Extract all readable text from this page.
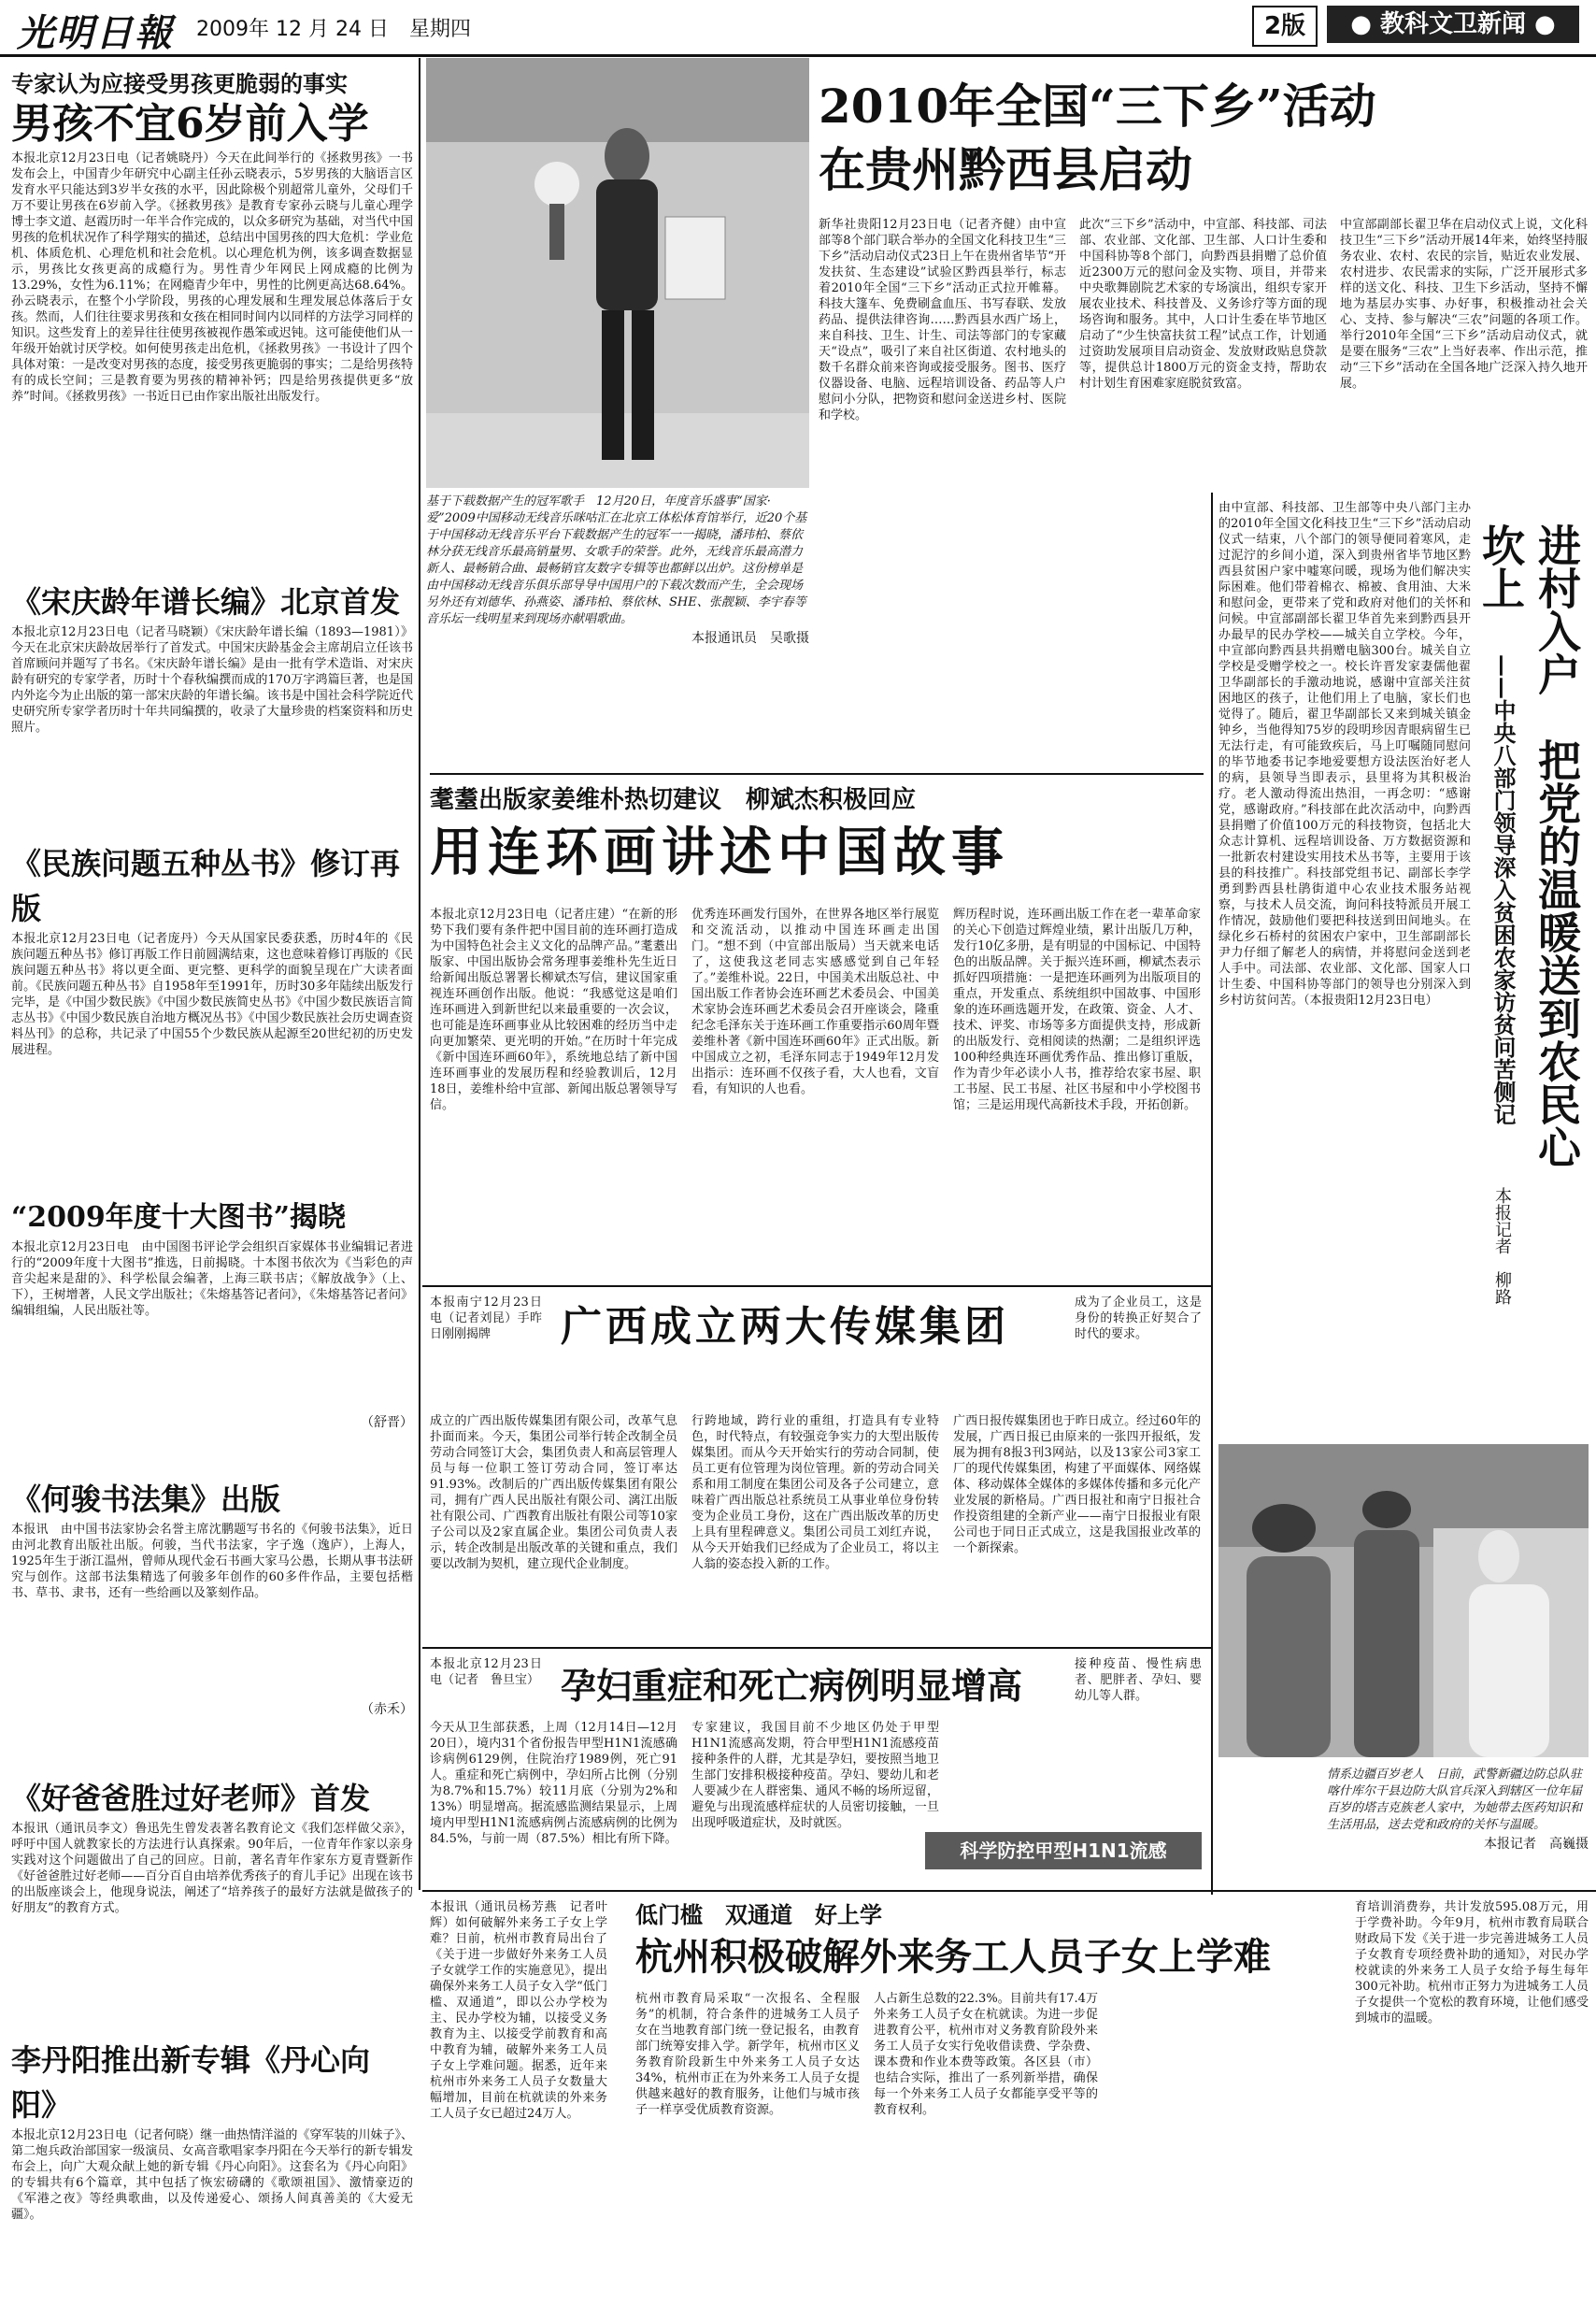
光明日報 2009年 12 月 24 日　星期四	2版	● 教科文卫新闻 ●
专家认为应接受男孩更脆弱的事实
男孩不宜6岁前入学
本报北京12月23日电（记者姚晓丹）今天在此间举行的《拯救男孩》一书发布会上，中国青少年研究中心副主任孙云晓表示，5岁男孩的大脑语言区发育水平只能达到3岁半女孩的水平，因此除极个别超常儿童外，父母们千万不要让男孩在6岁前入学。《拯救男孩》是教育专家孙云晓与儿童心理学博士李文道、赵霞历时一年半合作完成的，以众多研究为基础，对当代中国男孩的危机状况作了科学翔实的描述，总结出中国男孩的四大危机：学业危机、体质危机、心理危机和社会危机。以心理危机为例，该多调查数据显示，男孩比女孩更高的成瘾行为。男性青少年网民上网成瘾的比例为13.29%，女性为6.11%；在网瘾青少年中，男性的比例更高达68.64%。孙云晓表示，在整个小学阶段，男孩的心理发展和生理发展总体落后于女孩。然而，人们往往要求男孩和女孩在相同时间内以同样的方法学习同样的知识。这些发育上的差异往往使男孩被视作愚笨或迟钝。这可能使他们从一年级开始就讨厌学校。如何使男孩走出危机，《拯救男孩》一书设计了四个具体对策：一是改变对男孩的态度，接受男孩更脆弱的事实；二是给男孩特有的成长空间；三是教育要为男孩的精神补钙；四是给男孩提供更多“放养”时间。《拯救男孩》一书近日已由作家出版社出版发行。
《宋庆龄年谱长编》北京首发
本报北京12月23日电（记者马晓颖）《宋庆龄年谱长编（1893—1981）》今天在北京宋庆龄故居举行了首发式。中国宋庆龄基金会主席胡启立任该书首席顾问并题写了书名。《宋庆龄年谱长编》是由一批有学术造诣、对宋庆龄有研究的专家学者，历时十个春秋编撰而成的170万字鸿篇巨著，也是国内外迄今为止出版的第一部宋庆龄的年谱长编。该书是中国社会科学院近代史研究所专家学者历时十年共同编撰的，收录了大量珍贵的档案资料和历史照片。
《民族问题五种丛书》修订再版
本报北京12月23日电（记者庞丹）今天从国家民委获悉，历时4年的《民族问题五种丛书》修订再版工作日前圆满结束，这也意味着修订再版的《民族问题五种丛书》将以更全面、更完整、更科学的面貌呈现在广大读者面前。《民族问题五种丛书》自1958年至1991年，历时30多年陆续出版发行完毕，是《中国少数民族》《中国少数民族简史丛书》《中国少数民族语言简志丛书》《中国少数民族自治地方概况丛书》《中国少数民族社会历史调查资料丛刊》的总称，共记录了中国55个少数民族从起源至20世纪初的历史发展进程。
“2009年度十大图书”揭晓
本报北京12月23日电　由中国图书评论学会组织百家媒体书业编辑记者进行的“2009年度十大图书”推选，日前揭晓。十本图书依次为《当彩色的声音尖起来是甜的》、科学松鼠会编著，上海三联书店；《解放战争》（上、下），王树增著，人民文学出版社；《朱熔基答记者问》，《朱熔基答记者问》编辑组编，人民出版社等。
（舒晋）
《何骏书法集》出版
本报讯　由中国书法家协会名誉主席沈鹏题写书名的《何骏书法集》，近日由河北教育出版社出版。何骏，当代书法家，字子逸（逸庐），上海人，1925年生于浙江温州，曾师从现代金石书画大家马公愚，长期从事书法研究与创作。这部书法集精选了何骏多年创作的60多件作品，主要包括楷书、草书、隶书，还有一些给画以及篆刻作品。
（赤禾）
《好爸爸胜过好老师》首发
本报讯（通讯员李文）鲁迅先生曾发表著名教育论文《我们怎样做父亲》，呼吁中国人就教家长的方法进行认真探索。90年后，一位青年作家以亲身实践对这个问题做出了自己的回应。日前，著名青年作家东方夏青暨新作《好爸爸胜过好老师——百分百自由培养优秀孩子的育儿手记》出现在该书的出版座谈会上，他现身说法，阐述了“培养孩子的最好方法就是做孩子的好朋友”的教育方式。
李丹阳推出新专辑《丹心向阳》
本报北京12月23日电（记者何晓）继一曲热情洋溢的《穿军装的川妹子》、第二炮兵政治部国家一级演员、女高音歌唱家李丹阳在今天举行的新专辑发布会上，向广大观众献上她的新专辑《丹心向阳》。这套名为《丹心向阳》的专辑共有6个篇章，其中包括了恢宏磅礴的《歌颂祖国》、激情豪迈的《军港之夜》等经典歌曲，以及传递爱心、颂扬人间真善美的《大爱无疆》。
基于下载数据产生的冠军歌手　12月20日，年度音乐盛事“国家·爱”2009中国移动无线音乐咪咕汇在北京工体松体育馆举行，近20个基于中国移动无线音乐平台下载数据产生的冠军一一揭晓，潘玮柏、蔡依林分获无线音乐最高销量男、女歌手的荣誉。此外，无线音乐最高潜力新人、最畅销合曲、最畅销官友数字专辑等也都鲜以出炉。这份榜单是由中国移动无线音乐俱乐部导导中国用户的下载次数而产生，全会现场另外还有刘德华、孙燕姿、潘玮柏、蔡依林、SHE、张靓颖、李宇春等音乐坛一线明星来到现场亦献唱歌曲。
本报通讯员　吴歌摄
2010年全国“三下乡”活动
在贵州黔西县启动
新华社贵阳12月23日电（记者齐健）由中宣部等8个部门联合举办的全国文化科技卫生“三下乡”活动启动仪式23日上午在贵州省毕节“开发扶贫、生态建设”试验区黔西县举行，标志着2010年全国“三下乡”活动正式拉开帷幕。科技大篷车、免费刷盒血压、书写春联、发放药品、提供法律咨询……黔西县水西广场上，来自科技、卫生、计生、司法等部门的专家藏天“设点”，吸引了来自社区街道、农村地头的数千名群众前来咨询或接受服务。图书、医疗仪器设备、电脑、远程培训设备、药品等人户慰问小分队，把物资和慰问金送进乡村、医院和学校。
此次“三下乡”活动中，中宣部、科技部、司法部、农业部、文化部、卫生部、人口计生委和中国科协等8个部门，向黔西县捐赠了总价值近2300万元的慰问金及实物、项目，并带来中央歌舞剧院艺术家的专场演出，组织专家开展农业技术、科技普及、义务诊疗等方面的现场咨询和服务。其中，人口计生委在毕节地区启动了“少生快富扶贫工程”试点工作，计划通过资助发展项目启动资金、发放财政贴息贷款等，提供总计1800万元的资金支持，帮助农村计划生育困难家庭脱贫致富。
中宣部副部长翟卫华在启动仪式上说，文化科技卫生“三下乡”活动开展14年来，始终坚持服务农业、农村、农民的宗旨，贴近农业发展、农村进步、农民需求的实际，广泛开展形式多样的送文化、科技、卫生下乡活动，坚持不懈地为基层办实事、办好事，积极推动社会关心、支持、参与解决“三农”问题的各项工作。举行2010年全国“三下乡”活动启动仪式，就是要在服务“三农”上当好表率、作出示范，推动“三下乡”活动在全国各地广泛深入持久地开展。
由中宣部、科技部、卫生部等中央八部门主办的2010年全国文化科技卫生“三下乡”活动启动仪式一结束，八个部门的领导便同着寒风，走过泥泞的乡间小道，深入到贵州省毕节地区黔西县贫困户家中嘘寒问暖，现场为他们解决实际困难。他们带着棉衣、棉被、食用油、大米和慰问金，更带来了党和政府对他们的关怀和问候。中宣部副部长翟卫华首先来到黔西县开办最早的民办学校——城关自立学校。今年，中宣部向黔西县共捐赠电脑300台。城关自立学校是受赠学校之一。校长许晋发家妻儒他翟卫华副部长的手激动地说，感谢中宣部关注贫困地区的孩子，让他们用上了电脑，家长们也觉得了。随后，翟卫华副部长又来到城关镇金钟乡，当他得知75岁的段明珍因青眼病留生已无法行走，有可能致疾后，马上叮嘱随同慰问的毕节地委书记李地爱要想方设法医治好老人的病，县领导当即表示，县里将为其积极治疗。老人激动得流出热泪，一再念叨：“感谢党，感谢政府。”科技部在此次活动中，向黔西县捐赠了价值100万元的科技物资，包括北大众志计算机、远程培训设备、万方数据资源和一批新农村建设实用技术丛书等，主要用于该县的科技推广。科技部党组书记、副部长李学勇到黔西县杜鹃街道中心农业技术服务站视察，与技术人员交流，询问科技特派员开展工作情况，鼓励他们要把科技送到田间地头。在绿化乡石桥村的贫困农户家中，卫生部副部长尹力仔细了解老人的病情，并将慰问金送到老人手中。司法部、农业部、文化部、国家人口计生委、中国科协等部门的领导也分别深入到乡村访贫问苦。（本报贵阳12月23日电）	进村入户　把党的温暖送到农民心坎上
——中央八部门领导深入贫困农家访贫问苦侧记
本报记者　柳路
耄耋出版家姜维朴热切建议　柳斌杰积极回应
用连环画讲述中国故事
本报北京12月23日电（记者庄建）“在新的形势下我们要有条件把中国目前的连环画打造成为中国特色社会主义文化的品牌产品。”耄耋出版家、中国出版协会常务理事姜维朴先生近日给新闻出版总署署长柳斌杰写信，建议国家重视连环画创作出版。他说：“我感觉这是咱们连环画进入到新世纪以来最重要的一次会议，也可能是连环画事业从比较困难的经历当中走向更加繁荣、更光明的开始。”在历时十年完成《新中国连环画60年》，系统地总结了新中国连环画事业的发展历程和经验教训后，12月18日，姜维朴给中宣部、新闻出版总署领导写信。
优秀连环画发行国外，在世界各地区举行展览和交流活动，以推动中国连环画走出国门。“想不到（中宣部出版局）当天就来电话了，这使我这老同志实感感觉到自己年轻了。”姜维朴说。22日，中国美术出版总社、中国出版工作者协会连环画艺术委员会、中国美术家协会连环画艺术委员会召开座谈会，隆重纪念毛泽东关于连环画工作重要指示60周年暨姜维朴著《新中国连环画60年》正式出版。新中国成立之初，毛泽东同志于1949年12月发出指示：连环画不仅孩子看，大人也看，文盲看，有知识的人也看。
辉历程时说，连环画出版工作在老一辈革命家的关心下创造过辉煌业绩，累计出版几万种，发行10亿多册，是有明显的中国标记、中国特色的出版品牌。关于振兴连环画，柳斌杰表示抓好四项措施：一是把连环画列为出版项目的重点，开发重点、系统组织中国故事、中国形象的连环画选题开发，在政策、资金、人才、技术、评奖、市场等多方面提供支持，形成新的出版发行、竞相阅读的热潮；二是组织评选100种经典连环画优秀作品、推出修订重版，作为青少年必读小人书，推荐给农家书屋、职工书屋、民工书屋、社区书屋和中小学校图书馆；三是运用现代高新技术手段，开拓创新。
本报南宁12月23日电（记者刘昆）手昨日刚刚揭牌	广西成立两大传媒集团
成为了企业员工，这是身份的转换正好契合了时代的要求。
成立的广西出版传媒集团有限公司，改革气息扑面而来。今天，集团公司举行转企改制全员劳动合同签订大会，集团负责人和高层管理人员与每一位职工签订劳动合同，签订率达91.93%。改制后的广西出版传媒集团有限公司，拥有广西人民出版社有限公司、漓江出版社有限公司、广西教育出版社有限公司等10家子公司以及2家直属企业。集团公司负责人表示，转企改制是出版改革的关键和重点，我们要以改制为契机，建立现代企业制度。
行跨地域，跨行业的重组，打造具有专业特色，时代特点，有较强竞争实力的大型出版传媒集团。而从今天开始实行的劳动合同制，使员工更有位管理为岗位管理。新的劳动合同关系和用工制度在集团公司及各子公司建立，意味着广西出版总社系统员工从事业单位身份转变为企业员工身份，这在广西出版改革的历史上具有里程碑意义。集团公司员工刘红卉说，从今天开始我们已经成为了企业员工，将以主人翁的姿态投入新的工作。
广西日报传媒集团也于昨日成立。经过60年的发展，广西日报已由原来的一张四开报纸，发展为拥有8报3刊3网站，以及13家公司3家工厂的现代传媒集团，构建了平面媒体、网络媒体、移动媒体全媒体的多媒体传播和多元化产业发展的新格局。广西日报社和南宁日报社合作投资组建的全新产业——南宁日报报业有限公司也于同日正式成立，这是我国报业改革的一个新探索。
本报北京12月23日电（记者　鲁旦宝） 孕妇重症和死亡病例明显增高
接种疫苗、慢性病患者、肥胖者、孕妇、婴幼儿等人群。
今天从卫生部获悉，上周（12月14日—12月20日），境内31个省份报告甲型H1N1流感确诊病例6129例，住院治疗1989例，死亡91人。重症和死亡病例中，孕妇所占比例（分别为8.7%和15.7%）较11月底（分别为2%和13%）明显增高。据流感监测结果显示，上周境内甲型H1N1流感病例占流感病例的比例为84.5%，与前一周（87.5%）相比有所下降。
专家建议，我国目前不少地区仍处于甲型H1N1流感高发期，符合甲型H1N1流感疫苗接种条件的人群，尤其是孕妇，要按照当地卫生部门安排积极接种疫苗。孕妇、婴幼儿和老人要减少在人群密集、通风不畅的场所逗留，避免与出现流感样症状的人员密切接触，一旦出现呼吸道症状，及时就医。
科学防控甲型H1N1流感
情系边疆百岁老人　日前，武警新疆边防总队驻喀什库尔干县边防大队官兵深入到辖区一位年届百岁的塔吉克族老人家中，为她带去医药知识和生活用品，送去党和政府的关怀与温暖。
本报记者　高巍摄
本报讯（通讯员杨芳燕　记者叶辉）如何破解外来务工子女上学难？日前，杭州市教育局出台了《关于进一步做好外来务工人员子女就学工作的实施意见》，提出确保外来务工人员子女入学“低门槛、双通道”，即以公办学校为主、民办学校为辅，以接受义务教育为主、以接受学前教育和高中教育为辅，破解外来务工人员子女上学难问题。据悉，近年来杭州市外来务工人员子女数量大幅增加，目前在杭就读的外来务工人员子女已超过24万人。
低门槛　双通道　好上学
杭州积极破解外来务工人员子女上学难
杭州市教育局采取“一次报名、全程服务”的机制，符合条件的进城务工人员子女在当地教育部门统一登记报名，由教育部门统筹安排入学。新学年，杭州市区义务教育阶段新生中外来务工人员子女达34%，杭州市正在为外来务工人员子女提供越来越好的教育服务，让他们与城市孩子一样享受优质教育资源。
人占新生总数的22.3%。目前共有17.4万外来务工人员子女在杭就读。为进一步促进教育公平，杭州市对义务教育阶段外来务工人员子女实行免收借读费、学杂费、课本费和作业本费等政策。各区县（市）也结合实际，推出了一系列新举措，确保每一个外来务工人员子女都能享受平等的教育权利。
育培训消费券，共计发放595.08万元，用于学费补助。今年9月，杭州市教育局联合财政局下发《关于进一步完善进城务工人员子女教育专项经费补助的通知》，对民办学校就读的外来务工人员子女给予每生每年300元补助。杭州市正努力为进城务工人员子女提供一个宽松的教育环境，让他们感受到城市的温暖。
